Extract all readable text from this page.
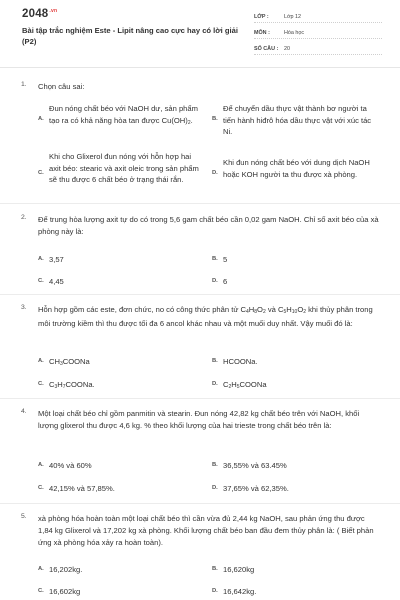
$2048^{.vn}$
Bài tập trắc nghiệm Este - Lipit nâng cao cực hay có lời giải (P2)
LỚP :	Lớp 12
MÔN :	Hóa học
SỐ CÂU :	20
1. Chọn câu sai:
A.
Đun nóng chất béo với NaOH dư, sản phẩm tạo ra có khả năng hòa tan được $Cu(OH)_2$.	B.
Để chuyển dầu thực vật thành bơ người ta tiến hành hiđrô hóa dầu thực vật với xúc tác Ni.
C.
Khi cho Glixerol đun nóng với hỗn hợp hai axit béo: stearic và axit oleic trong sản phẩm sẽ thu được 6 chất béo ở trạng thái rắn.
D.
Khi đun nóng chất béo với dung dịch NaOH hoặc KOH người ta thu được xà phòng.
2. Để trung hòa lượng axit tự do có trong 5,6 gam chất béo cần 0,02 gam NaOH. Chỉ số axit béo của xà phòng này là:
A. 3,57	B. 5
C. 4,45	D. 6
3. Hỗn hợp gồm các este, đơn chức, no có công thức phân tử $C_4H_8O_2$ và $C_5H_{10}O_2$ khi thủy phân trong môi trường kiềm thì thu được tối đa 6 ancol khác nhau và một muối duy nhất. Vậy muối đó là:
A. $CH_3COONa$	B. HCOONa.
C. $C_3H_7COONa$.	D. $C_2H_5COONa$
4. Một loại chất béo chỉ gồm panmitin và stearin. Đun nóng 42,82 kg chất béo trên với NaOH, khối lượng glixerol thu được 4,6 kg. % theo khối lượng của hai trieste trong chất béo trên là:
A. 40% và 60%	B. 36,55% và 63.45%
C. 42,15% và 57,85%.	D. 37,65% và 62,35%.
5. xà phòng hóa hoàn toàn một loại chất béo thì cần vừa đủ 2,44 kg NaOH, sau phản ứng thu được 1,84 kg Glixerol và 17,202 kg xà phòng. Khối lượng chất béo ban đầu đem thủy phân là: ( Biết phản ứng xà phòng hóa xảy ra hoàn toàn).
A. 16,202kg.	B. 16,620kg
C. 16,602kg	D. 16,642kg.
